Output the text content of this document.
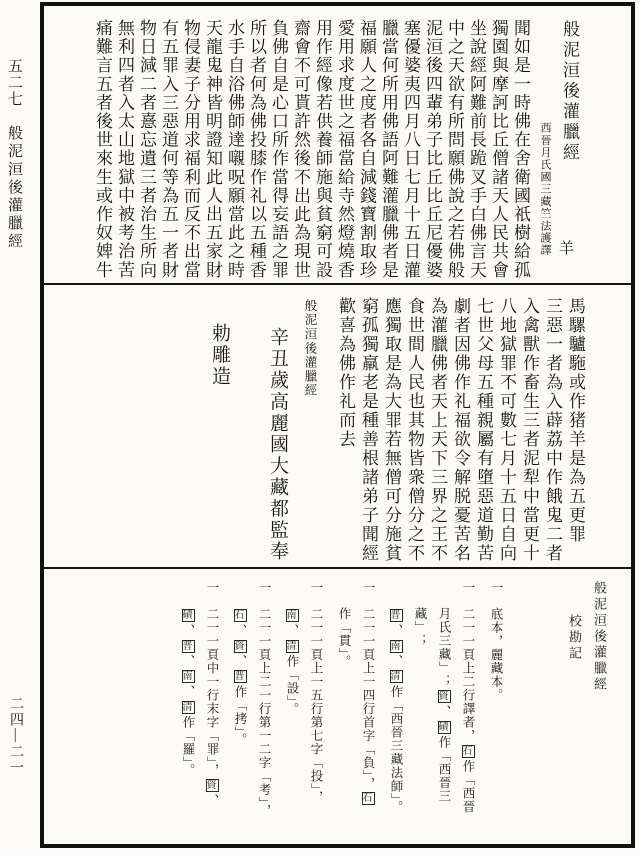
五二七
般泥洹後灌臘經
二四—二一
聞如是一時佛在舍衛國祇樹給孤
獨園與摩訶比丘僧諸天人民共會
坐說經阿難前長跪叉手白佛言天
中之天欲有所問願佛說之若佛般
泥洹後四輩弟子比丘比丘尼優婆
塞優婆夷四月八日七月十五日灌
臘當何所用佛語阿難灌臘佛者是
福願人之度者各自減錢寶割取珍
愛用求度世之福當給寺然燈燒香
用作經像若供養師施與貧窮可設
齋會不可貰許然後不出此為現世
負佛自是心口所作當得妄語之罪
所以者何為佛投膝作礼以五種香
水手自浴佛師達嚫呪願當此之時
天龍鬼神皆明證知此人出五家財
物侵妻子分用求福利而反不出當
有五罪入三惡道何等為五一者財
物日減二者憙忘遺三者治生所向
無利四者入太山地獄中被考治苦
痛難言五者後世來生或作奴婢牛	般泥洹後灌臘經
西晉月氏國三藏竺法護譯 羊
馬騾驢駞或作猪羊是為五更罪
三惡一者為入薜荔中作餓鬼二者
入禽獸作畜生三者泥犁中當更十
八地獄罪不可數七月十五日自向
七世父母五種親屬有墮惡道勤苦
劇者因佛作礼福欲令解脱憂苦名
為灌臘佛者天上天下三界之王不
食世間人民也其物皆衆僧分之不
應獨取是為大罪若無僧可分施貧
窮孤獨羸老是種善根諸弟子聞經
歡喜為佛作礼而去
般泥洹後灌臘經
辛丑歲高麗國大藏都監奉
勅雕造
一底本，麗藏本。
一二一一頁上二行譯者，石作「西晉
月氏三藏」；資、磧作「西晉三藏」；
普、南、清作「西晉三藏法師」。
一二一一頁上一四行首字「負」，石
作「貫」。
一二一一頁上一五行第七字「投」，
南、清作「設」。
一二一一頁上二一行第一二字「考」，
石、資、普作「拷」。
一二一一頁中一行末字「罪」，資、
磧、普、南、清作「羅」。
般泥洹後灌臘經
校勘記
